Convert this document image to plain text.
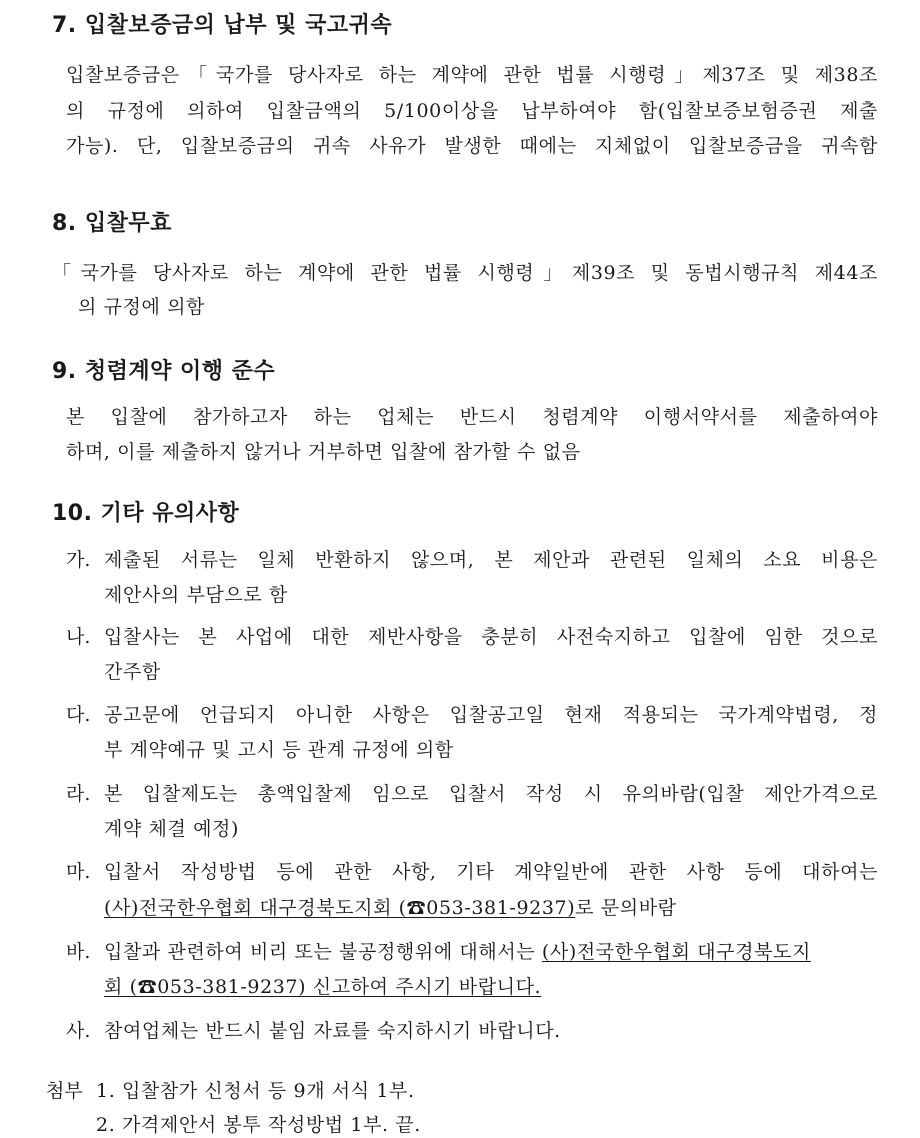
7. 입찰보증금의 납부 및 국고귀속
입찰보증금은「국가를 당사자로 하는 계약에 관한 법률 시행령」제37조 및 제38조
의 규정에 의하여 입찰금액의 5/100이상을 납부하여야 함(입찰보증보험증권 제출
가능). 단, 입찰보증금의 귀속 사유가 발생한 때에는 지체없이 입찰보증금을 귀속함
8. 입찰무효
「국가를 당사자로 하는 계약에 관한 법률 시행령」제39조 및 동법시행규칙 제44조
의 규정에 의함
9. 청렴계약 이행 준수
본 입찰에 참가하고자 하는 업체는 반드시 청렴계약 이행서약서를 제출하여야
하며, 이를 제출하지 않거나 거부하면 입찰에 참가할 수 없음
10. 기타 유의사항
가. 제출된 서류는 일체 반환하지 않으며, 본 제안과 관련된 일체의 소요 비용은
제안사의 부담으로 함
나. 입찰사는 본 사업에 대한 제반사항을 충분히 사전숙지하고 입찰에 임한 것으로
간주함
다. 공고문에 언급되지 아니한 사항은 입찰공고일 현재 적용되는 국가계약법령, 정
부 계약예규 및 고시 등 관계 규정에 의함
라. 본 입찰제도는 총액입찰제 임으로 입찰서 작성 시 유의바람(입찰 제안가격으로
계약 체결 예정)
마. 입찰서 작성방법 등에 관한 사항, 기타 계약일반에 관한 사항 등에 대하여는
(사)전국한우협회 대구경북도지회 (☎053-381-9237)로 문의바람
바. 입찰과 관련하여 비리 또는 불공정행위에 대해서는 (사)전국한우협회 대구경북도지
회 (☎053-381-9237) 신고하여 주시기 바랍니다.
사. 참여업체는 반드시 붙임 자료를 숙지하시기 바랍니다.
첨부 1. 입찰참가 신청서 등 9개 서식 1부.
2. 가격제안서 봉투 작성방법 1부. 끝.
